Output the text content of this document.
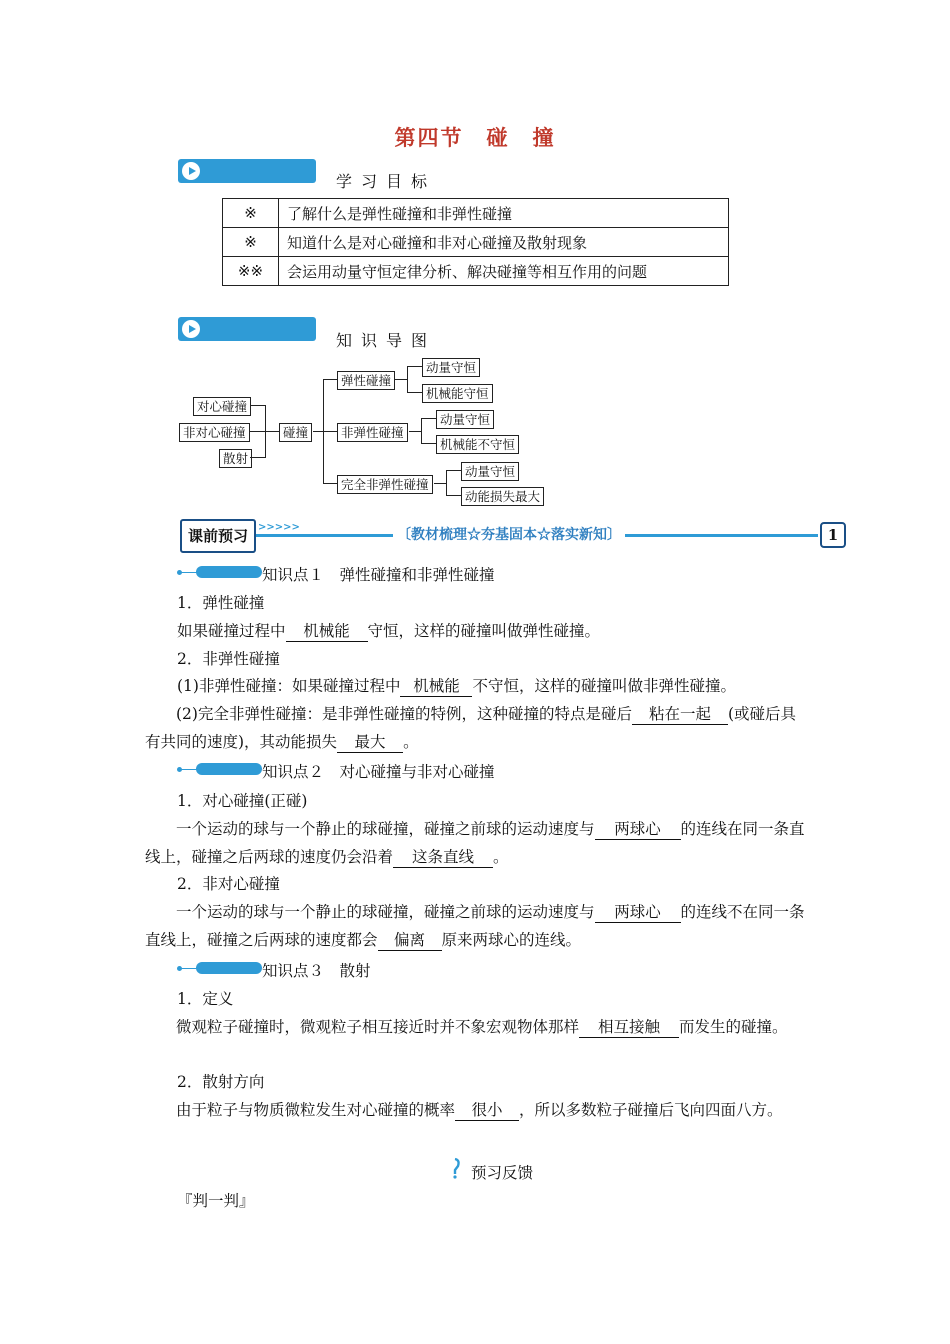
第四节　碰　撞
学习目标
※	了解什么是弹性碰撞和非弹性碰撞
※	知道什么是对心碰撞和非对心碰撞及散射现象
※※	会运用动量守恒定律分析、解决碰撞等相互作用的问题
知识导图
对心碰撞
非对心碰撞
散射
碰撞
弹性碰撞
动量守恒
机械能守恒
非弹性碰撞
动量守恒
机械能不守恒
完全非弹性碰撞
动量守恒
动能损失最大
课前预习	>>>>>	〔教材梳理☆夯基固本☆落实新知〕	1
知识点１　弹性碰撞和非弹性碰撞
1．弹性碰撞
如果碰撞过程中 机械能 守恒，这样的碰撞叫做弹性碰撞。
2．非弹性碰撞
(1)非弹性碰撞：如果碰撞过程中 机械能 不守恒，这样的碰撞叫做非弹性碰撞。
(2)完全非弹性碰撞：是非弹性碰撞的特例，这种碰撞的特点是碰后 粘在一起 (或碰后具有共同的速度)，其动能损失 最大 。
知识点２　对心碰撞与非对心碰撞
1．对心碰撞(正碰)
一个运动的球与一个静止的球碰撞，碰撞之前球的运动速度与 两球心 的连线在同一条直线上，碰撞之后两球的速度仍会沿着 这条直线 。
2．非对心碰撞
一个运动的球与一个静止的球碰撞，碰撞之前球的运动速度与 两球心 的连线不在同一条直线上，碰撞之后两球的速度都会 偏离 原来两球心的连线。
知识点３　散射
1．定义
微观粒子碰撞时，微观粒子相互接近时并不象宏观物体那样 相互接触 而发生的碰撞。
2．散射方向
由于粒子与物质微粒发生对心碰撞的概率 很小 ，所以多数粒子碰撞后飞向四面八方。
预习反馈
『判一判』
